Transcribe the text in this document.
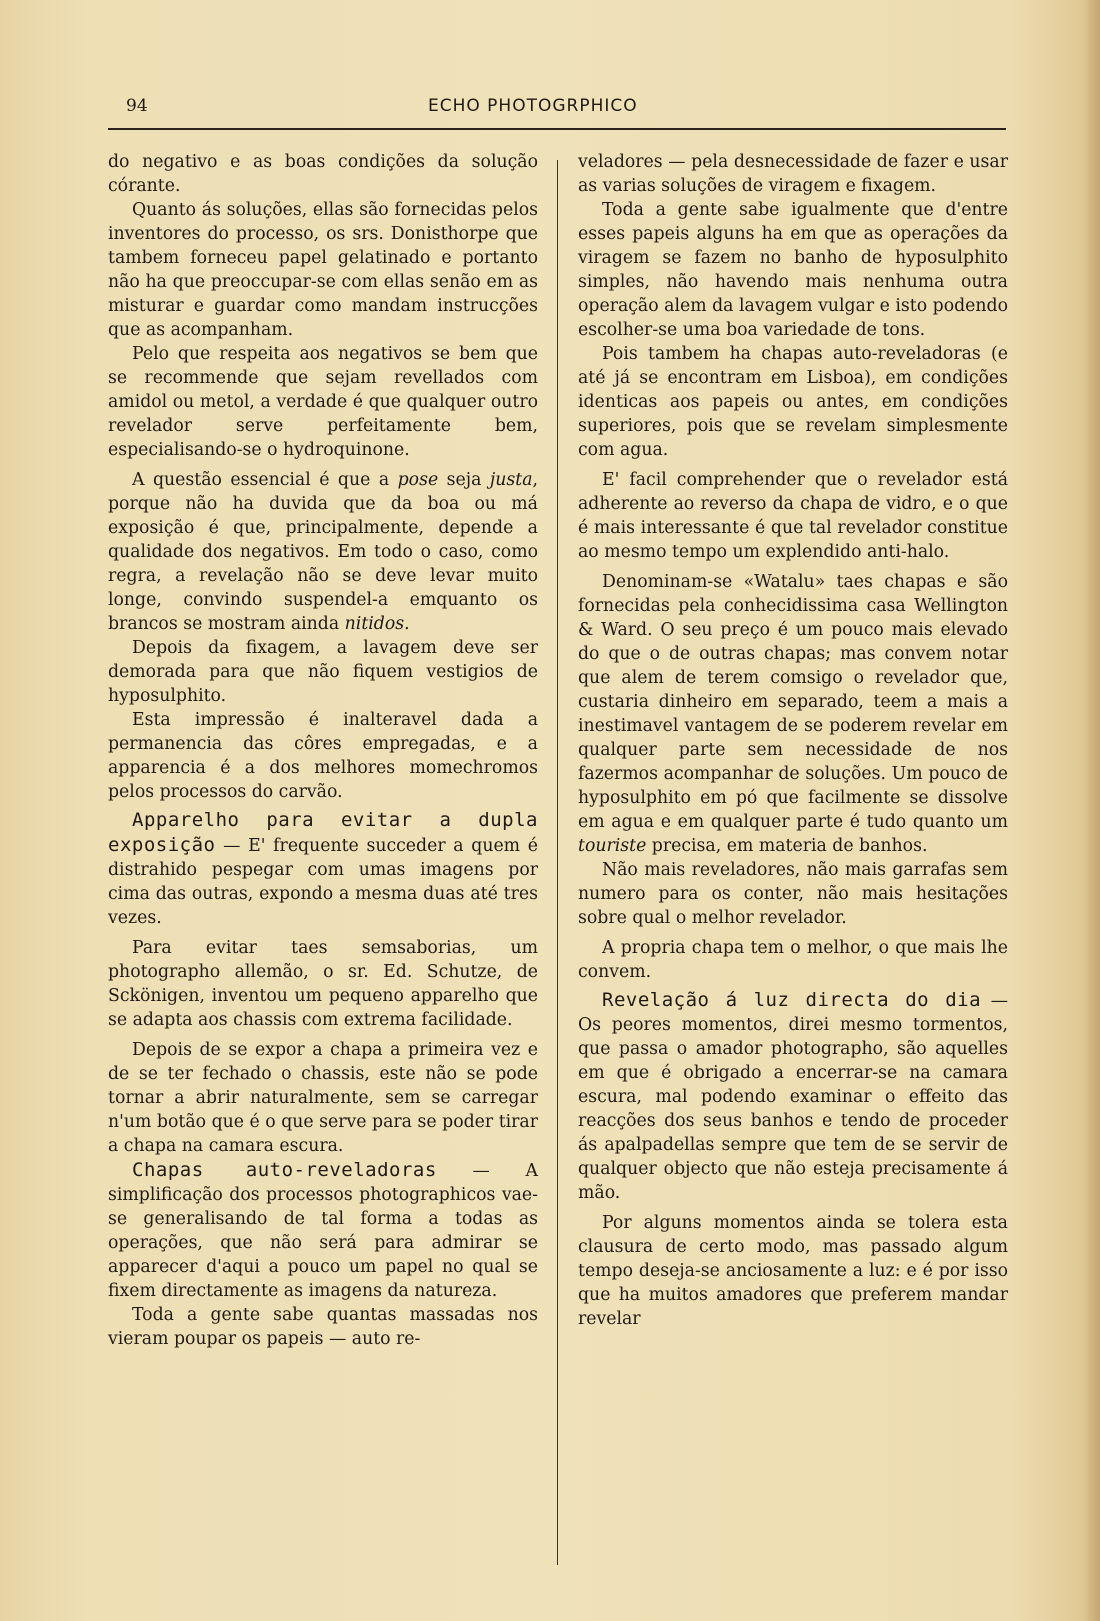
94	ECHO PHOTOGRPHICO

do negativo e as boas condições da solução córante.

Quanto ás soluções, ellas são fornecidas pelos inventores do processo, os srs. Donisthorpe que tambem forneceu papel gelatinado e portanto não ha que preoccupar-se com ellas senão em as misturar e guardar como mandam instrucções que as acompanham.

Pelo que respeita aos negativos se bem que se recommende que sejam revellados com amidol ou metol, a verdade é que qualquer outro revelador serve perfeitamente bem, especialisando-se o hydroquinone.

A questão essencial é que a pose seja justa, porque não ha duvida que da boa ou má exposição é que, principalmente, depende a qualidade dos negativos. Em todo o caso, como regra, a revelação não se deve levar muito longe, convindo suspendel-a emquanto os brancos se mostram ainda nitidos.

Depois da fixagem, a lavagem deve ser demorada para que não fiquem vestigios de hyposulphito.

Esta impressão é inalteravel dada a permanencia das côres empregadas, e a apparencia é a dos melhores momechromos pelos processos do carvão.

Apparelho para evitar a dupla exposição — E' frequente succeder a quem é distrahido pespegar com umas imagens por cima das outras, expondo a mesma duas até tres vezes.

Para evitar taes semsaborias, um photographo allemão, o sr. Ed. Schutze, de Sckönigen, inventou um pequeno apparelho que se adapta aos chassis com extrema facilidade.

Depois de se expor a chapa a primeira vez e de se ter fechado o chassis, este não se pode tornar a abrir naturalmente, sem se carregar n'um botão que é o que serve para se poder tirar a chapa na camara escura.

Chapas auto-reveladoras — A simplificação dos processos photographicos vae-se generalisando de tal forma a todas as operações, que não será para admirar se apparecer d'aqui a pouco um papel no qual se fixem directamente as imagens da natureza.

Toda a gente sabe quantas massadas nos vieram poupar os papeis — auto re-

veladores — pela desnecessidade de fazer e usar as varias soluções de viragem e fixagem.

Toda a gente sabe igualmente que d'entre esses papeis alguns ha em que as operações da viragem se fazem no banho de hyposulphito simples, não havendo mais nenhuma outra operação alem da lavagem vulgar e isto podendo escolher-se uma boa variedade de tons.

Pois tambem ha chapas auto-reveladoras (e até já se encontram em Lisboa), em condições identicas aos papeis ou antes, em condições superiores, pois que se revelam simplesmente com agua.

E' facil comprehender que o revelador está adherente ao reverso da chapa de vidro, e o que é mais interessante é que tal revelador constitue ao mesmo tempo um explendido anti-halo.

Denominam-se «Watalu» taes chapas e são fornecidas pela conhecidissima casa Wellington & Ward. O seu preço é um pouco mais elevado do que o de outras chapas; mas convem notar que alem de terem comsigo o revelador que, custaria dinheiro em separado, teem a mais a inestimavel vantagem de se poderem revelar em qualquer parte sem necessidade de nos fazermos acompanhar de soluções. Um pouco de hyposulphito em pó que facilmente se dissolve em agua e em qualquer parte é tudo quanto um touriste precisa, em materia de banhos.

Não mais reveladores, não mais garrafas sem numero para os conter, não mais hesitações sobre qual o melhor revelador.

A propria chapa tem o melhor, o que mais lhe convem.

Revelação á luz directa do dia — Os peores momentos, direi mesmo tormentos, que passa o amador photographo, são aquelles em que é obrigado a encerrar-se na camara escura, mal podendo examinar o effeito das reacções dos seus banhos e tendo de proceder ás apalpadellas sempre que tem de se servir de qualquer objecto que não esteja precisamente á mão.

Por alguns momentos ainda se tolera esta clausura de certo modo, mas passado algum tempo deseja-se anciosamente a luz: e é por isso que ha muitos amadores que preferem mandar revelar
